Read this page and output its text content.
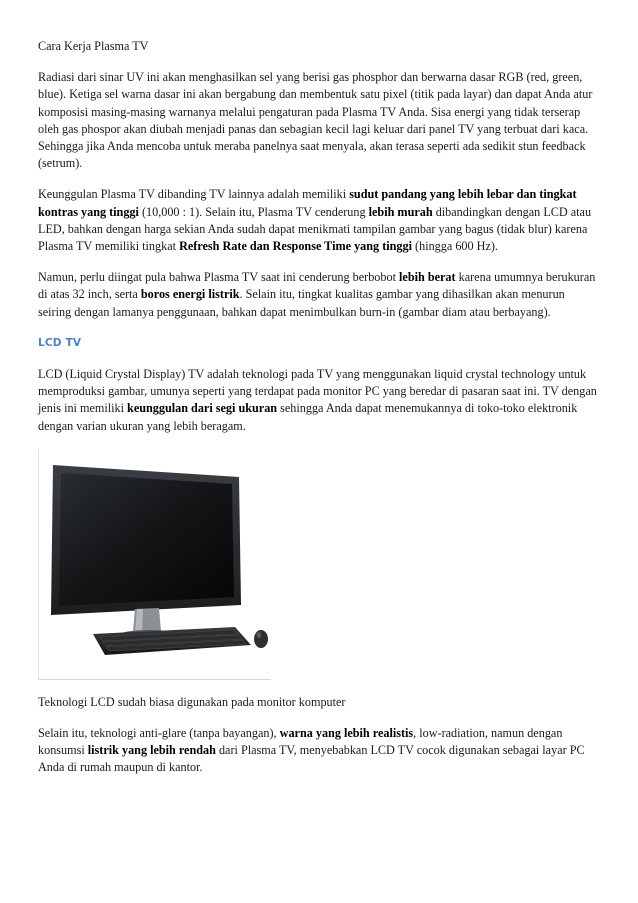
Cara Kerja Plasma TV

Radiasi dari sinar UV ini akan menghasilkan sel yang berisi gas phosphor dan berwarna dasar RGB (red, green, blue). Ketiga sel warna dasar ini akan bergabung dan membentuk satu pixel (titik pada layar) dan dapat Anda atur komposisi masing-masing warnanya melalui pengaturan pada Plasma TV Anda. Sisa energi yang tidak terserap oleh gas phospor akan diubah menjadi panas dan sebagian kecil lagi keluar dari panel TV yang terbuat dari kaca. Sehingga jika Anda mencoba untuk meraba panelnya saat menyala, akan terasa seperti ada sedikit stun feedback (setrum).

Keunggulan Plasma TV dibanding TV lainnya adalah memiliki sudut pandang yang lebih lebar dan tingkat kontras yang tinggi (10,000 : 1). Selain itu, Plasma TV cenderung lebih murah dibandingkan dengan LCD atau LED, bahkan dengan harga sekian Anda sudah dapat menikmati tampilan gambar yang bagus (tidak blur) karena Plasma TV memiliki tingkat Refresh Rate dan Response Time yang tinggi (hingga 600 Hz).

Namun, perlu diingat pula bahwa Plasma TV saat ini cenderung berbobot lebih berat karena umumnya berukuran di atas 32 inch, serta boros energi listrik. Selain itu, tingkat kualitas gambar yang dihasilkan akan menurun seiring dengan lamanya penggunaan, bahkan dapat menimbulkan burn-in (gambar diam atau berbayang).

LCD TV

LCD (Liquid Crystal Display) TV adalah teknologi pada TV yang menggunakan liquid crystal technology untuk memproduksi gambar, umunya seperti yang terdapat pada monitor PC yang beredar di pasaran saat ini. TV dengan jenis ini memiliki keunggulan dari segi ukuran sehingga Anda dapat menemukannya di toko-toko elektronik dengan varian ukuran yang lebih beragam.

Teknologi LCD sudah biasa digunakan pada monitor komputer

Selain itu, teknologi anti-glare (tanpa bayangan), warna yang lebih realistis, low-radiation, namun dengan konsumsi listrik yang lebih rendah dari Plasma TV, menyebabkan LCD TV cocok digunakan sebagai layar PC Anda di rumah maupun di kantor.
